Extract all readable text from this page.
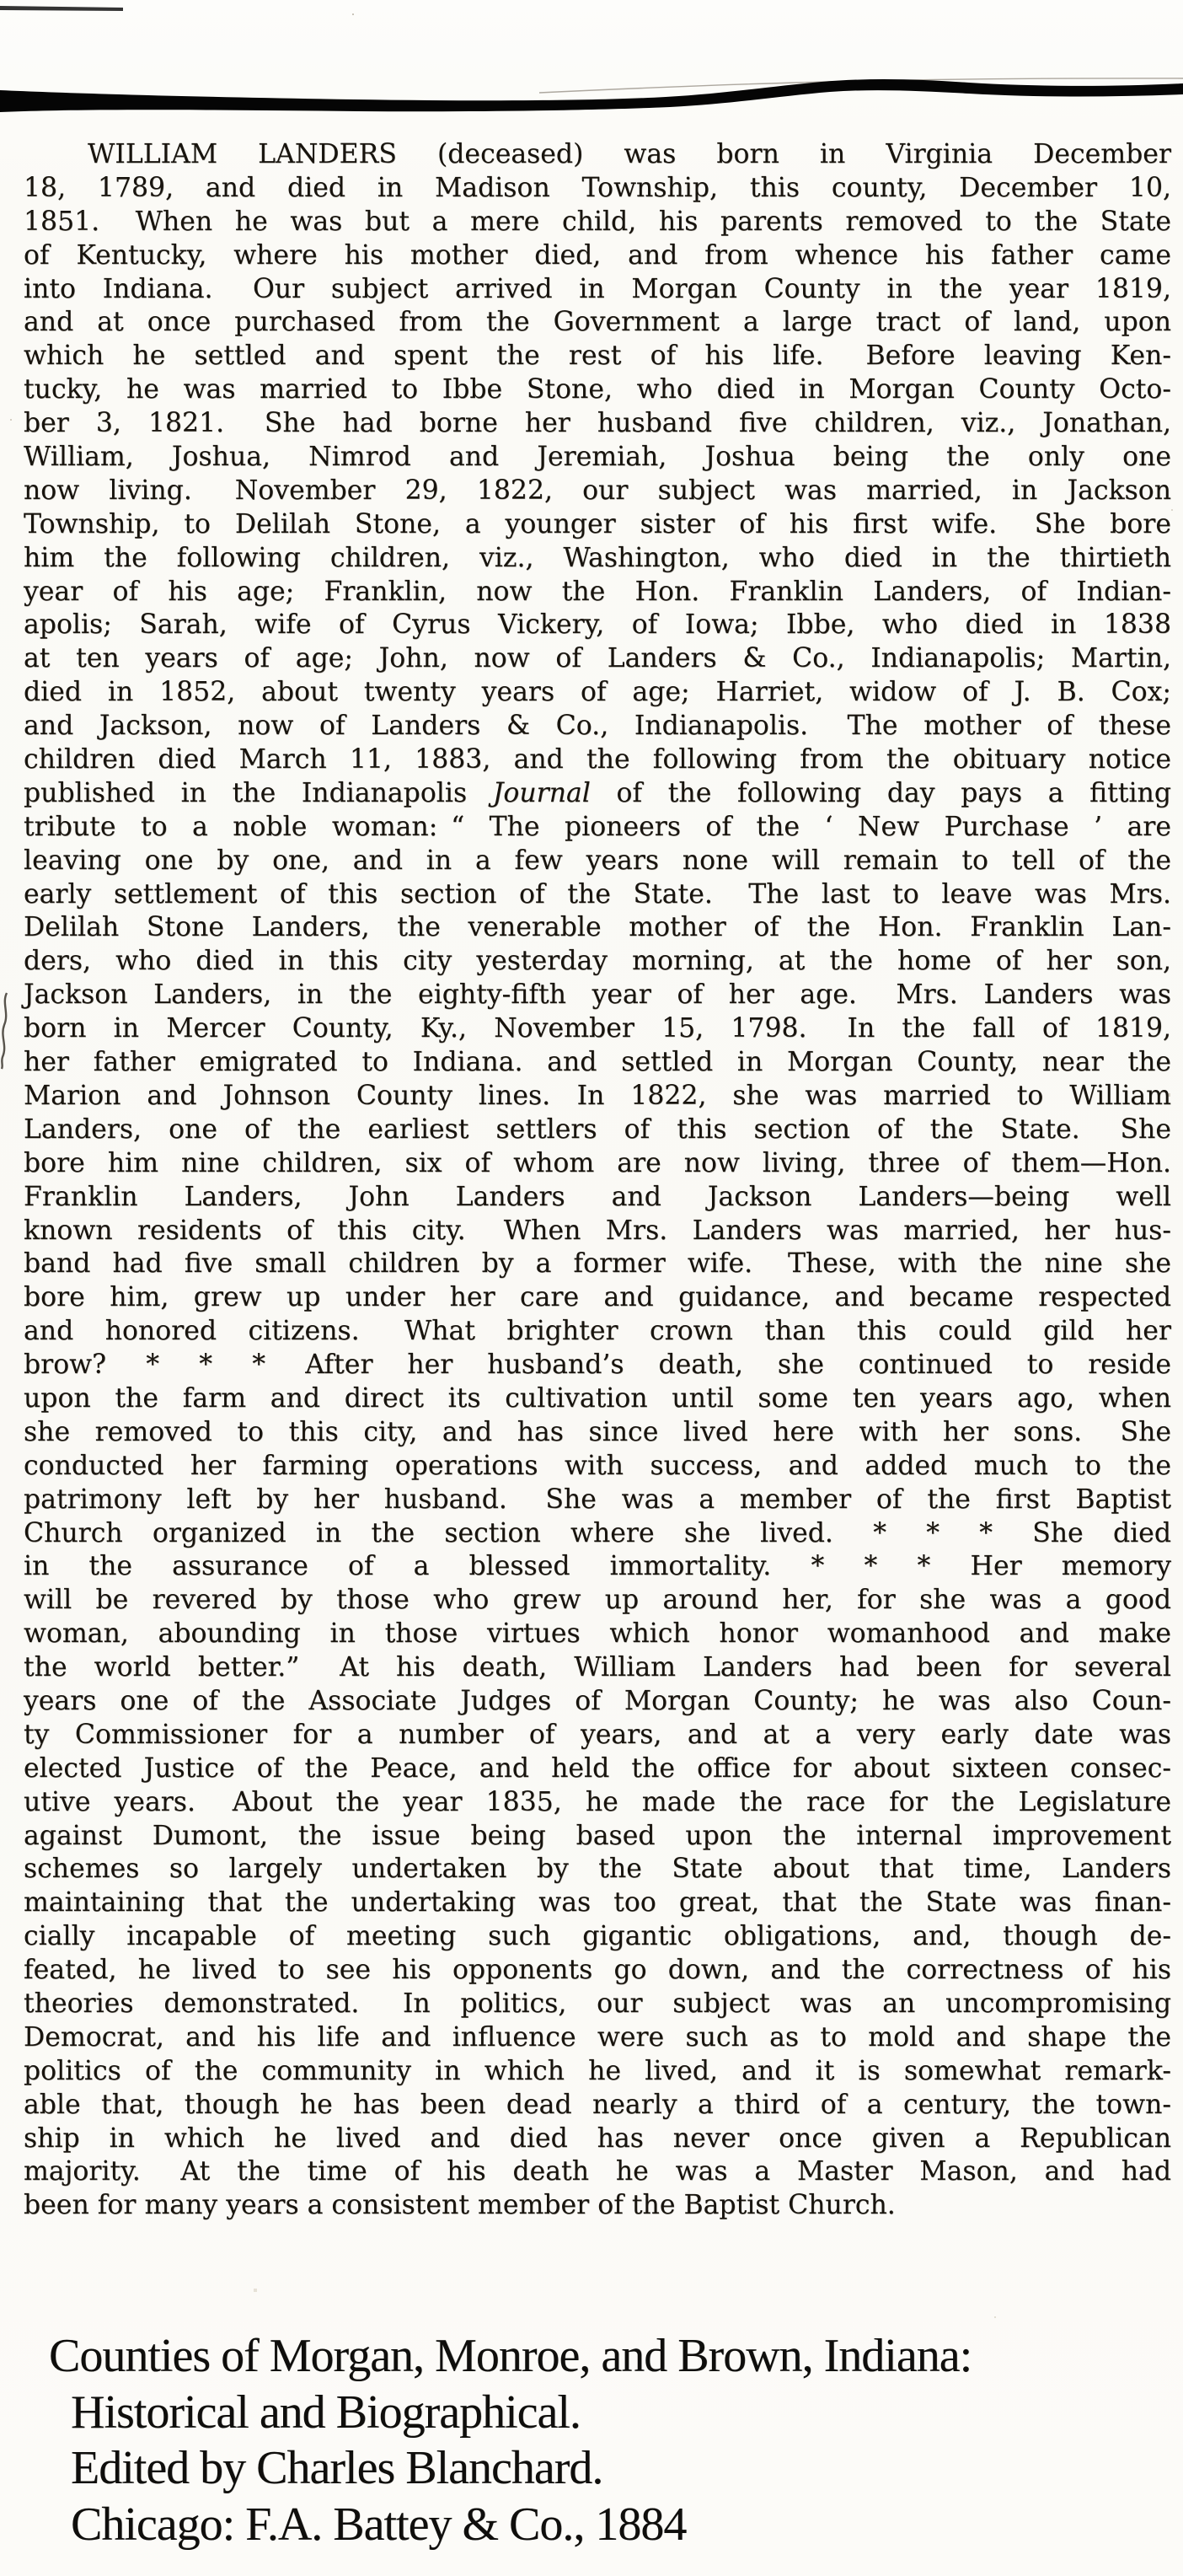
WILLIAM LANDERS (deceased) was born in Virginia December
18, 1789, and died in Madison Township, this county, December 10,
1851.  When he was but a mere child, his parents removed to the State
of Kentucky, where his mother died, and from whence his father came
into Indiana.  Our subject arrived in Morgan County in the year 1819,
and at once purchased from the Government a large tract of land, upon
which he settled and spent the rest of his life.  Before leaving Ken-
tucky, he was married to Ibbe Stone, who died in Morgan County Octo-
ber 3, 1821.  She had borne her husband five children, viz., Jonathan,
William, Joshua, Nimrod and Jeremiah, Joshua being the only one
now living.  November 29, 1822, our subject was married, in Jackson
Township, to Delilah Stone, a younger sister of his first wife.  She bore
him the following children, viz., Washington, who died in the thirtieth
year of his age; Franklin, now the Hon. Franklin Landers, of Indian-
apolis; Sarah, wife of Cyrus Vickery, of Iowa; Ibbe, who died in 1838
at ten years of age; John, now of Landers & Co., Indianapolis; Martin,
died in 1852, about twenty years of age; Harriet, widow of J. B. Cox;
and Jackson, now of Landers & Co., Indianapolis.  The mother of these
children died March 11, 1883, and the following from the obituary notice
published in the Indianapolis Journal of the following day pays a fitting
tribute to a noble woman: “ The pioneers of the ‘ New Purchase ’ are
leaving one by one, and in a few years none will remain to tell of the
early settlement of this section of the State.  The last to leave was Mrs.
Delilah Stone Landers, the venerable mother of the Hon. Franklin Lan-
ders, who died in this city yesterday morning, at the home of her son,
Jackson Landers, in the eighty-fifth year of her age.  Mrs. Landers was
born in Mercer County, Ky., November 15, 1798.  In the fall of 1819,
her father emigrated to Indiana. and settled in Morgan County, near the
Marion and Johnson County lines.  In 1822, she was married to William
Landers, one of the earliest settlers of this section of the State.  She
bore him nine children, six of whom are now living, three of them—Hon.
Franklin Landers, John Landers and Jackson Landers—being well
known residents of this city.  When Mrs. Landers was married, her hus-
band had five small children by a former wife.  These, with the nine she
bore him, grew up under her care and guidance, and became respected
and honored citizens.  What brighter crown than this could gild her
brow?  *  *  *  After her husband’s death, she continued to reside
upon the farm and direct its cultivation until some ten years ago, when
she removed to this city, and has since lived here with her sons.  She
conducted her farming operations with success, and added much to the
patrimony left by her husband.  She was a member of the first Baptist
Church organized in the section where she lived.  *  *  *  She died
in the assurance of a blessed immortality.  *  *  *  Her memory
will be revered by those who grew up around her, for she was a good
woman, abounding in those virtues which honor womanhood and make
the world better.”  At his death, William Landers had been for several
years one of the Associate Judges of Morgan County; he was also Coun-
ty Commissioner for a number of years, and at a very early date was
elected Justice of the Peace, and held the office for about sixteen consec-
utive years.  About the year 1835, he made the race for the Legislature
against Dumont, the issue being based upon the internal improvement
schemes so largely undertaken by the State about that time, Landers
maintaining that the undertaking was too great, that the State was finan-
cially incapable of meeting such gigantic obligations, and, though de-
feated, he lived to see his opponents go down, and the correctness of his
theories demonstrated.  In politics, our subject was an uncompromising
Democrat, and his life and influence were such as to mold and shape the
politics of the community in which he lived, and it is somewhat remark-
able that, though he has been dead nearly a third of a century, the town-
ship in which he lived and died has never once given a Republican
majority.  At the time of his death he was a Master Mason, and had
been for many years a consistent member of the Baptist Church.
Counties of Morgan, Monroe, and Brown, Indiana:
Historical and Biographical.
Edited by Charles Blanchard.
Chicago: F.A. Battey & Co., 1884
